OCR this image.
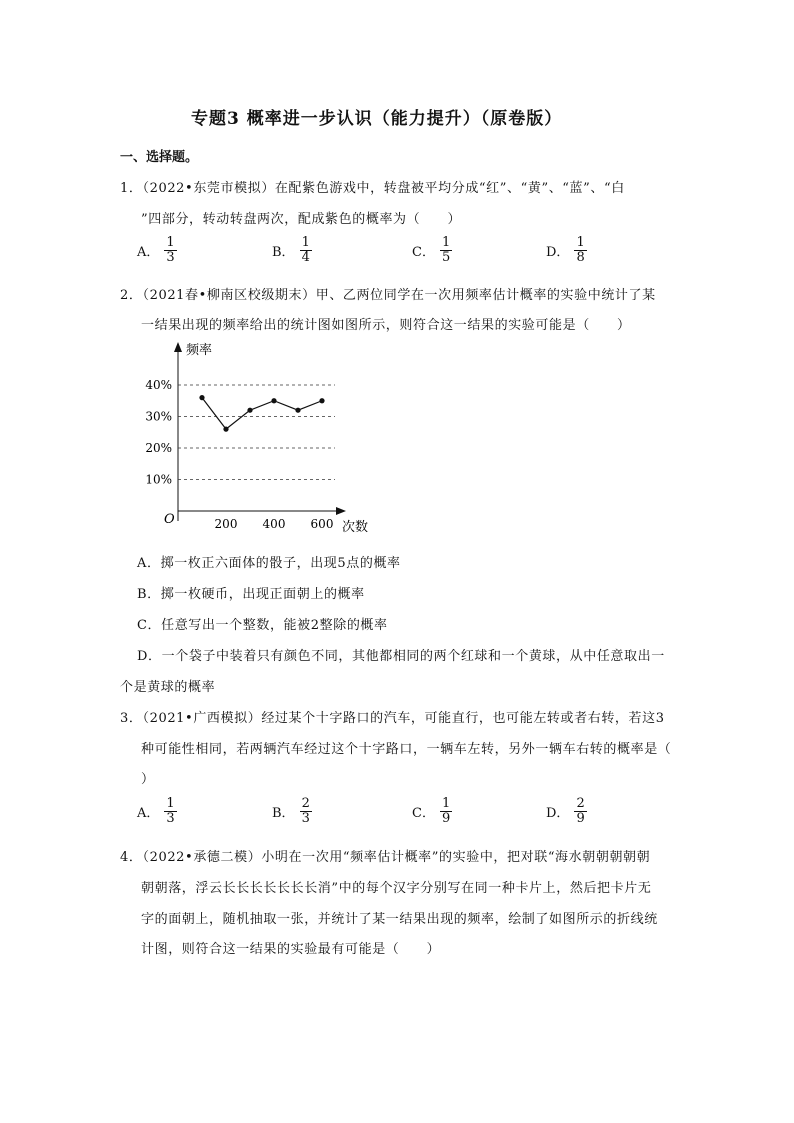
专题3 概率进一步认识（能力提升）（原卷版）
一、选择题。
1．（2022•东莞市模拟）在配紫色游戏中，转盘被平均分成“红”、“黄”、“蓝”、“白
”四部分，转动转盘两次，配成紫色的概率为（　　）
A． $\frac{1}{3}$	B． $\frac{1}{4}$	C． $\frac{1}{5}$	D． $\frac{1}{8}$
2．（2021春•柳南区校级期末）甲、乙两位同学在一次用频率估计概率的实验中统计了某
一结果出现的频率给出的统计图如图所示，则符合这一结果的实验可能是（　　）
10%
20%
30%
40%
200 400 600
频率
次数
O
A．掷一枚正六面体的骰子，出现5点的概率
B．掷一枚硬币，出现正面朝上的概率
C．任意写出一个整数，能被2整除的概率
D．一个袋子中装着只有颜色不同，其他都相同的两个红球和一个黄球，从中任意取出一
个是黄球的概率
3．（2021•广西模拟）经过某个十字路口的汽车，可能直行，也可能左转或者右转，若这3
种可能性相同，若两辆汽车经过这个十字路口，一辆车左转，另外一辆车右转的概率是（
）
A． $\frac{1}{3}$	B． $\frac{2}{3}$	C． $\frac{1}{9}$	D． $\frac{2}{9}$
4．（2022•承德二模）小明在一次用“频率估计概率”的实验中，把对联“海水朝朝朝朝朝
朝朝落，浮云长长长长长长长消”中的每个汉字分别写在同一种卡片上，然后把卡片无
字的面朝上，随机抽取一张，并统计了某一结果出现的频率，绘制了如图所示的折线统
计图，则符合这一结果的实验最有可能是（　　）
